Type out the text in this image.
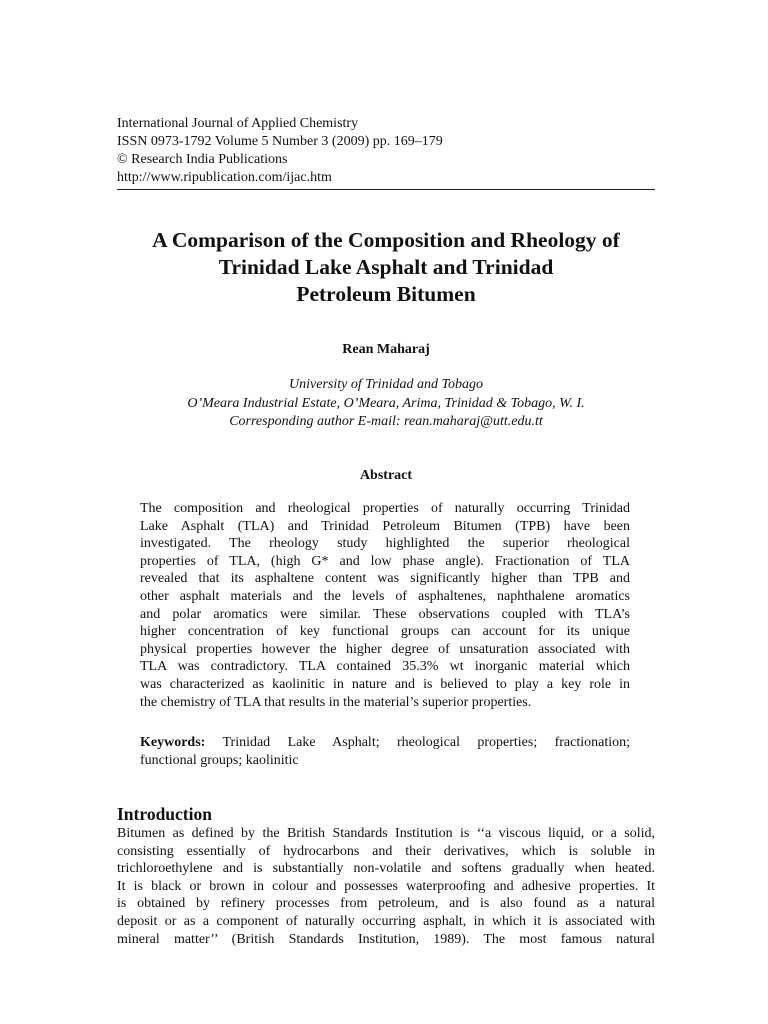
International Journal of Applied Chemistry
ISSN 0973-1792 Volume 5 Number 3 (2009) pp. 169–179
© Research India Publications
http://www.ripublication.com/ijac.htm
A Comparison of the Composition and Rheology of
Trinidad Lake Asphalt and Trinidad
Petroleum Bitumen
Rean Maharaj
University of Trinidad and Tobago
O’Meara Industrial Estate, O’Meara, Arima, Trinidad & Tobago, W. I.
Corresponding author E-mail: rean.maharaj@utt.edu.tt
Abstract
The composition and rheological properties of naturally occurring Trinidad
Lake Asphalt (TLA) and Trinidad Petroleum Bitumen (TPB) have been
investigated. The rheology study highlighted the superior rheological
properties of TLA, (high G* and low phase angle). Fractionation of TLA
revealed that its asphaltene content was significantly higher than TPB and
other asphalt materials and the levels of asphaltenes, naphthalene aromatics
and polar aromatics were similar. These observations coupled with TLA’s
higher concentration of key functional groups can account for its unique
physical properties however the higher degree of unsaturation associated with
TLA was contradictory. TLA contained 35.3% wt inorganic material which
was characterized as kaolinitic in nature and is believed to play a key role in
the chemistry of TLA that results in the material’s superior properties.
Keywords: Trinidad Lake Asphalt; rheological properties; fractionation;
functional groups; kaolinitic
Introduction
Bitumen as defined by the British Standards Institution is ‘‘a viscous liquid, or a solid,
consisting essentially of hydrocarbons and their derivatives, which is soluble in
trichloroethylene and is substantially non-volatile and softens gradually when heated.
It is black or brown in colour and possesses waterproofing and adhesive properties. It
is obtained by refinery processes from petroleum, and is also found as a natural
deposit or as a component of naturally occurring asphalt, in which it is associated with
mineral matter’’ (British Standards Institution, 1989). The most famous natural
